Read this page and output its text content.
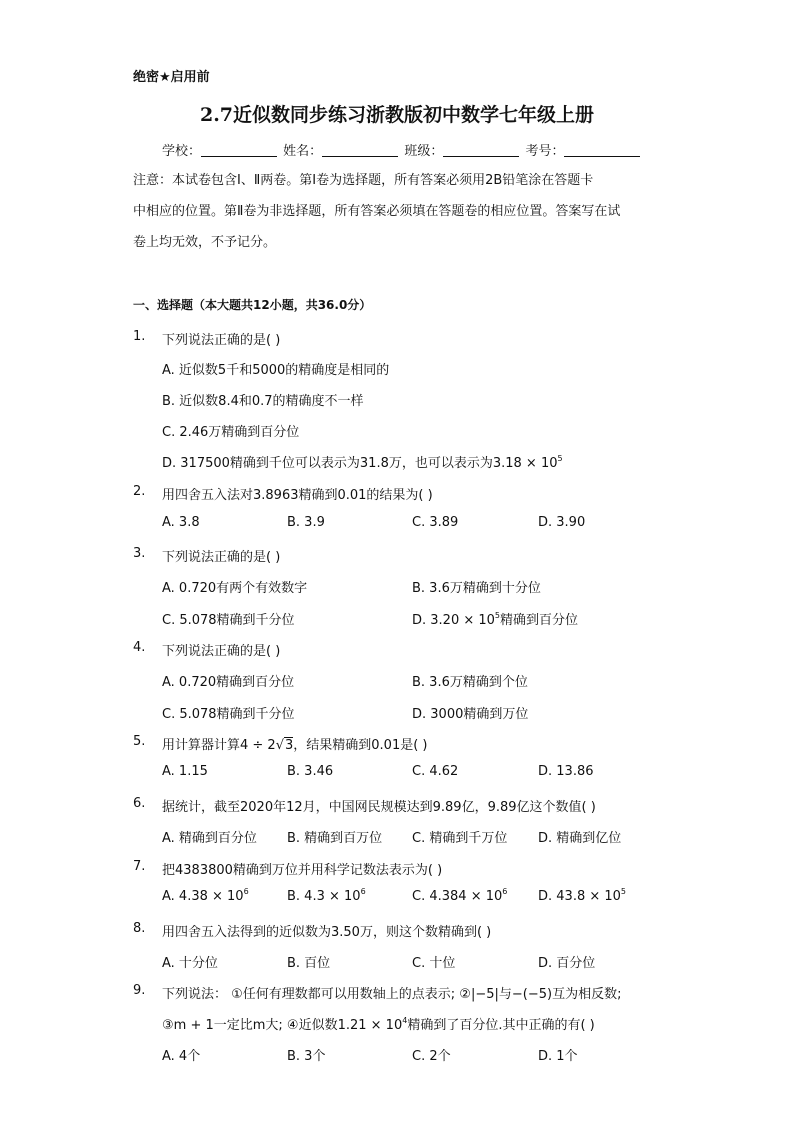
绝密★启用前
2.7近似数同步练习浙教版初中数学七年级上册
学校：	姓名：	班级：	考号：
注意：本试卷包含Ⅰ、Ⅱ两卷。第Ⅰ卷为选择题，所有答案必须用2B铅笔涂在答题卡
中相应的位置。第Ⅱ卷为非选择题，所有答案必须填在答题卷的相应位置。答案写在试
卷上均无效，不予记分。
一、选择题（本大题共12小题，共36.0分）
1. 下列说法正确的是( )
A. 近似数5千和5000的精确度是相同的
B. 近似数8.4和0.7的精确度不一样
C. 2.46万精确到百分位
D. 317500精确到千位可以表示为31.8万，也可以表示为$3.18 \times 10^5$
2. 用四舍五入法对3.8963精确到0.01的结果为( )
A. 3.8	B. 3.9	C. 3.89	D. 3.90
3. 下列说法正确的是( )
A. 0.720有两个有效数字	B. 3.6万精确到十分位
C. 5.078精确到千分位	D. $3.20 \times 10^5$精确到百分位
4. 下列说法正确的是( )
A. 0.720精确到百分位	B. 3.6万精确到个位
C. 5.078精确到千分位	D. 3000精确到万位
5. 用计算器计算4 ÷ 2√3，结果精确到0.01是( )
A. 1.15	B. 3.46	C. 4.62	D. 13.86
6. 据统计，截至2020年12月，中国网民规模达到9.89亿，9.89亿这个数值( )
A. 精确到百分位 B. 精确到百万位 C. 精确到千万位 D. 精确到亿位
7. 把4383800精确到万位并用科学记数法表示为( )
A. $4.38 \times 10^6$	B. $4.3 \times 10^6$	C. $4.384 \times 10^6$ D. $43.8 \times 10^5$
8. 用四舍五入法得到的近似数为3.50万，则这个数精确到( )
A. 十分位	B. 百位	C. 十位	D. 百分位
9. 下列说法： ①任何有理数都可以用数轴上的点表示; ②|−5|与−(−5)互为相反数;
③m + 1一定比m大; ④近似数$1.21 \times 10^4$精确到了百分位.其中正确的有( )
A. 4个	B. 3个	C. 2个	D. 1个
